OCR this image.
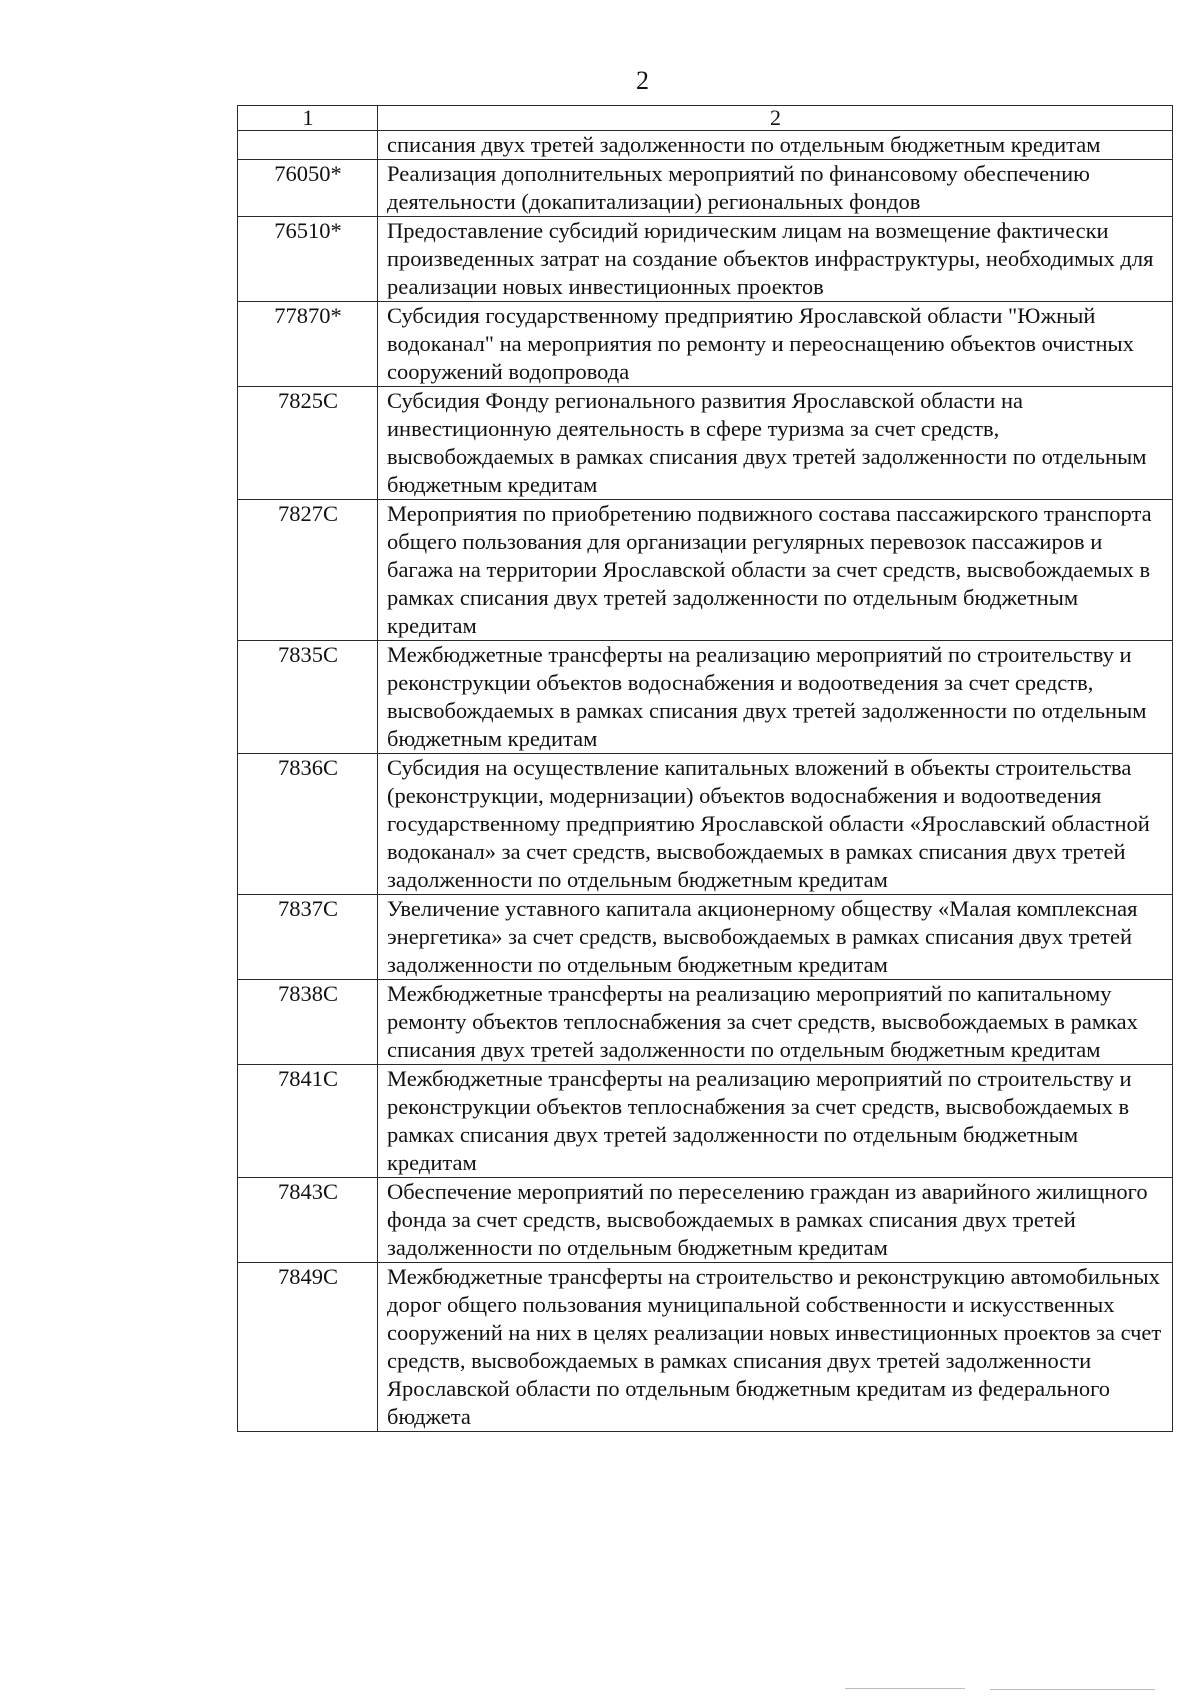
2
1	2
	списания двух третей задолженности по отдельным бюджетным кредитам
76050*	Реализация дополнительных мероприятий по финансовому обеспечению деятельности (докапитализации) региональных фондов
76510*	Предоставление субсидий юридическим лицам на возмещение фактически произведенных затрат на создание объектов инфраструктуры, необходимых для реализации новых инвестиционных проектов
77870*	Субсидия государственному предприятию Ярославской области "Южный водоканал" на мероприятия по ремонту и переоснащению объектов очистных сооружений водопровода
7825С	Субсидия Фонду регионального развития Ярославской области на инвестиционную деятельность в сфере туризма за счет средств, высвобождаемых в рамках списания двух третей задолженности по отдельным бюджетным кредитам
7827С	Мероприятия по приобретению подвижного состава пассажирского транспорта общего пользования для организации регулярных перевозок пассажиров и багажа на территории Ярославской области за счет средств, высвобождаемых в рамках списания двух третей задолженности по отдельным бюджетным кредитам
7835С	Межбюджетные трансферты на реализацию мероприятий по строительству и реконструкции объектов водоснабжения и водоотведения за счет средств, высвобождаемых в рамках списания двух третей задолженности по отдельным бюджетным кредитам
7836С	Субсидия на осуществление капитальных вложений в объекты строительства (реконструкции, модернизации) объектов водоснабжения и водоотведения государственному предприятию Ярославской области «Ярославский областной водоканал» за счет средств, высвобождаемых в рамках списания двух третей задолженности по отдельным бюджетным кредитам
7837С	Увеличение уставного капитала акционерному обществу «Малая комплексная энергетика» за счет средств, высвобождаемых в рамках списания двух третей задолженности по отдельным бюджетным кредитам
7838С	Межбюджетные трансферты на реализацию мероприятий по капитальному ремонту объектов теплоснабжения за счет средств, высвобождаемых в рамках списания двух третей задолженности по отдельным бюджетным кредитам
7841С	Межбюджетные трансферты на реализацию мероприятий по строительству и реконструкции объектов теплоснабжения за счет средств, высвобождаемых в рамках списания двух третей задолженности по отдельным бюджетным кредитам
7843С	Обеспечение мероприятий по переселению граждан из аварийного жилищного фонда за счет средств, высвобождаемых в рамках списания двух третей задолженности по отдельным бюджетным кредитам
7849С	Межбюджетные трансферты на строительство и реконструкцию автомобильных дорог общего пользования муниципальной собственности и искусственных сооружений на них в целях реализации новых инвестиционных проектов за счет средств, высвобождаемых в рамках списания двух третей задолженности Ярославской области по отдельным бюджетным кредитам из федерального бюджета
